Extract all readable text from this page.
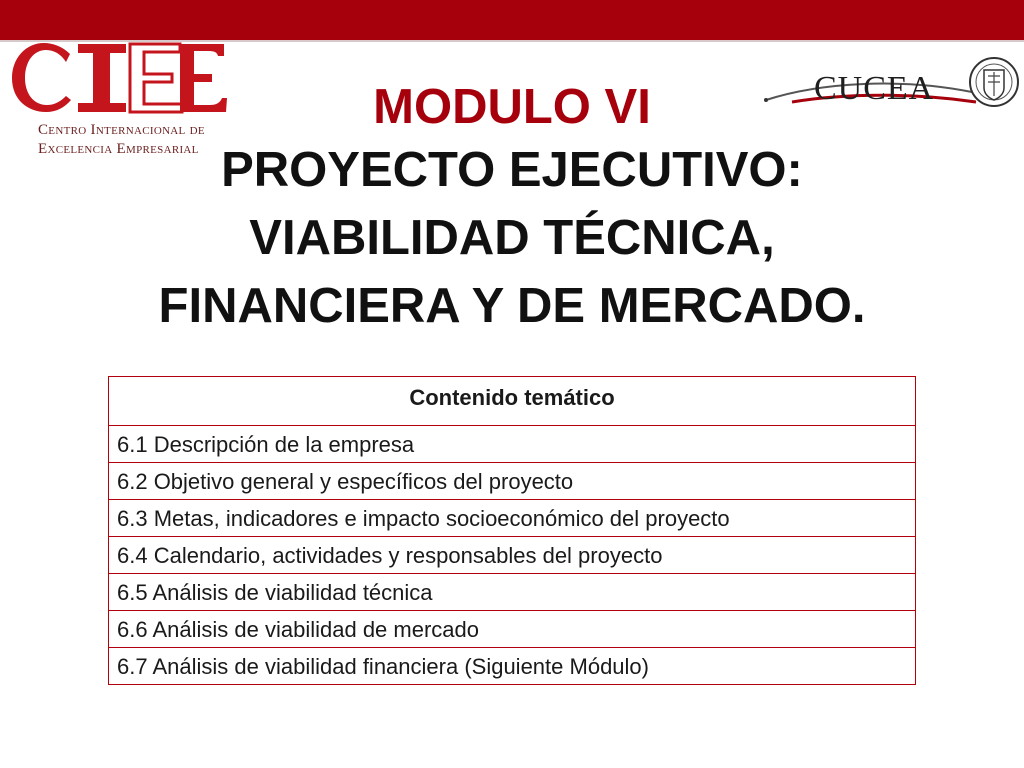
Centro Internacional de
Excelencia Empresarial
CUCEA
MODULO VI
PROYECTO EJECUTIVO:
VIABILIDAD TÉCNICA,
FINANCIERA Y DE MERCADO.
Contenido temático
6.1 Descripción de la empresa
6.2 Objetivo general y específicos del proyecto
6.3 Metas, indicadores e impacto socioeconómico del proyecto
6.4 Calendario, actividades y responsables del proyecto
6.5 Análisis de viabilidad técnica
6.6 Análisis de viabilidad de mercado
6.7 Análisis de viabilidad financiera (Siguiente Módulo)
